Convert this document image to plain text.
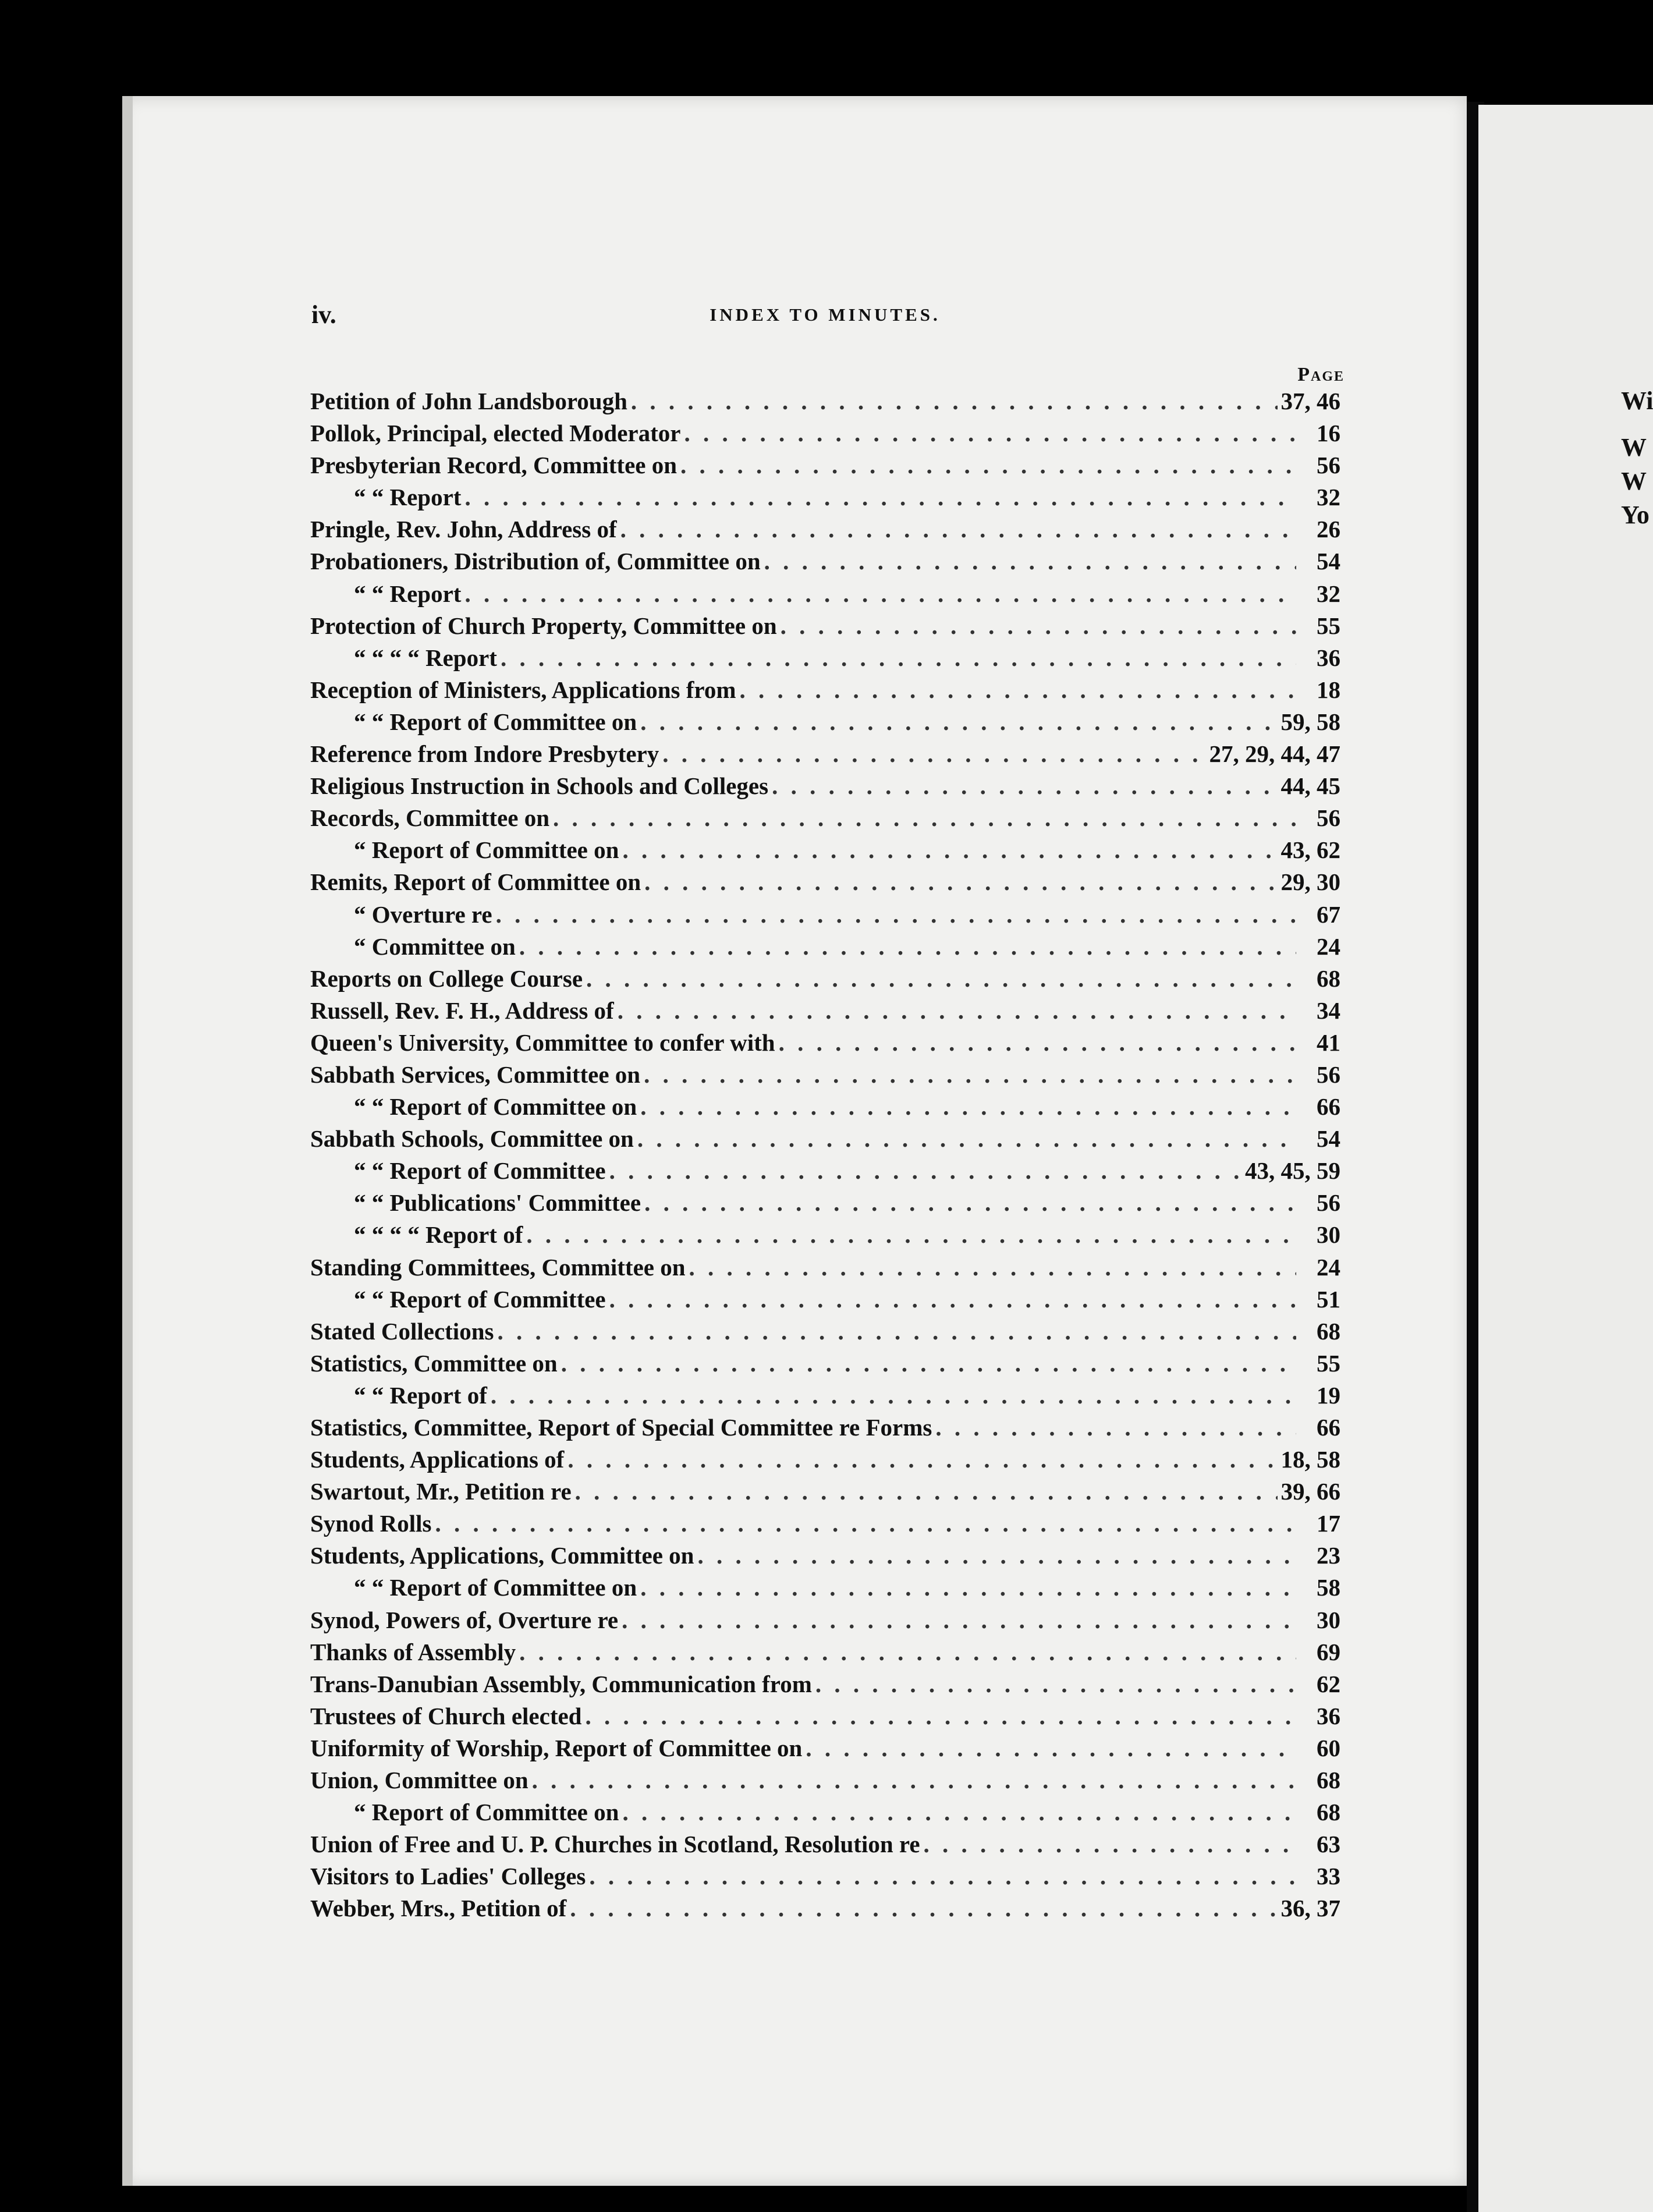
Wi
W
W
Yo
iv.	INDEX TO MINUTES.
Page
Petition of John Landsborough . . .	37, 46
Pollok, Principal, elected Moderator . . .	16
Presbyterian Record, Committee on . . .	56
“ “ Report . . .	32
Pringle, Rev. John, Address of . . .	26
Probationers, Distribution of, Committee on . . .	54
“ “ Report . . .	32
Protection of Church Property, Committee on . . .	55
“ “ “ “ Report . . .	36
Reception of Ministers, Applications from . . .	18
“ “ Report of Committee on . . .	59, 58
Reference from Indore Presbytery . . .	27, 29, 44, 47
Religious Instruction in Schools and Colleges . . .	44, 45
Records, Committee on . . .	56
“ Report of Committee on . . .	43, 62
Remits, Report of Committee on . . .	29, 30
“ Overture re . . .	67
“ Committee on . . .	24
Reports on College Course . . .	68
Russell, Rev. F. H., Address of . . .	34
Queen's University, Committee to confer with . . .	41
Sabbath Services, Committee on . . .	56
“ “ Report of Committee on . . .	66
Sabbath Schools, Committee on . . .	54
“ “ Report of Committee . . .	43, 45, 59
“ “ Publications' Committee . . .	56
“ “ “ “ Report of . . .	30
Standing Committees, Committee on . . .	24
“ “ Report of Committee . . .	51
Stated Collections . . .	68
Statistics, Committee on . . .	55
“ “ Report of . . .	19
Statistics, Committee, Report of Special Committee re Forms . . .	66
Students, Applications of . . .	18, 58
Swartout, Mr., Petition re . . .	39, 66
Synod Rolls . . .	17
Students, Applications, Committee on . . .	23
“ “ Report of Committee on . . .	58
Synod, Powers of, Overture re . . .	30
Thanks of Assembly . . .	69
Trans-Danubian Assembly, Communication from . . .	62
Trustees of Church elected . . .	36
Uniformity of Worship, Report of Committee on . . .	60
Union, Committee on . . .	68
“ Report of Committee on . . .	68
Union of Free and U. P. Churches in Scotland, Resolution re . . .	63
Visitors to Ladies' Colleges . . .	33
Webber, Mrs., Petition of . . .	36, 37
